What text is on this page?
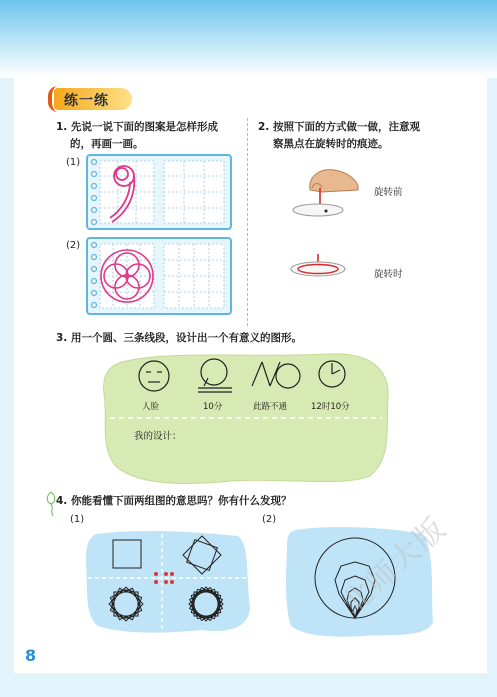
练一练
1. 先说一说下面的图案是怎样形成
的，再画一画。
(1)
(2)
2. 按照下面的方式做一做，注意观
察黑点在旋转时的痕迹。
旋转前
旋转时
3. 用一个圆、三条线段，设计出一个有意义的图形。
人脸	10分	此路不通	12时10分
我的设计：
4. 你能看懂下面两组图的意思吗？你有什么发现？
(1)	(2)
8
北师大版
